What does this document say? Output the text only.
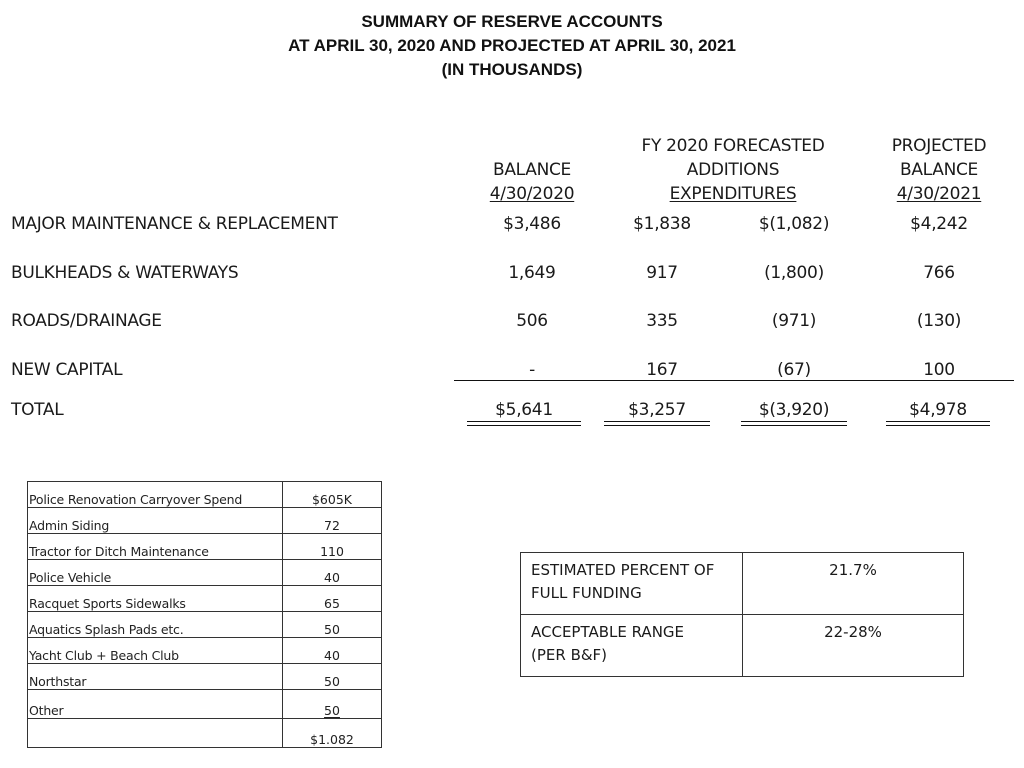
SUMMARY OF RESERVE ACCOUNTS
AT APRIL 30, 2020 AND PROJECTED AT APRIL 30, 2021
(IN THOUSANDS)
BALANCE
4/30/2020
FY 2020 FORECASTED
ADDITIONS
EXPENDITURES
PROJECTED
BALANCE
4/30/2021
MAJOR MAINTENANCE & REPLACEMENT	$3,486	$1,838	$(1,082)	$4,242
BULKHEADS & WATERWAYS	1,649	917	(1,800)	766
ROADS/DRAINAGE	506	335	(971)	(130)
NEW CAPITAL	-	167	(67)	100
TOTAL	$5,641	$3,257	$(3,920)	$4,978
Police Renovation Carryover Spend	$605K
Admin Siding	72
Tractor for Ditch Maintenance	110
Police Vehicle	40
Racquet Sports Sidewalks	65
Aquatics Splash Pads etc.	50
Yacht Club + Beach Club	40
Northstar	50
Other	50
	$1.082
ESTIMATED PERCENT OF
FULL FUNDING	21.7%

ACCEPTABLE RANGE
(PER B&F)	22-28%
